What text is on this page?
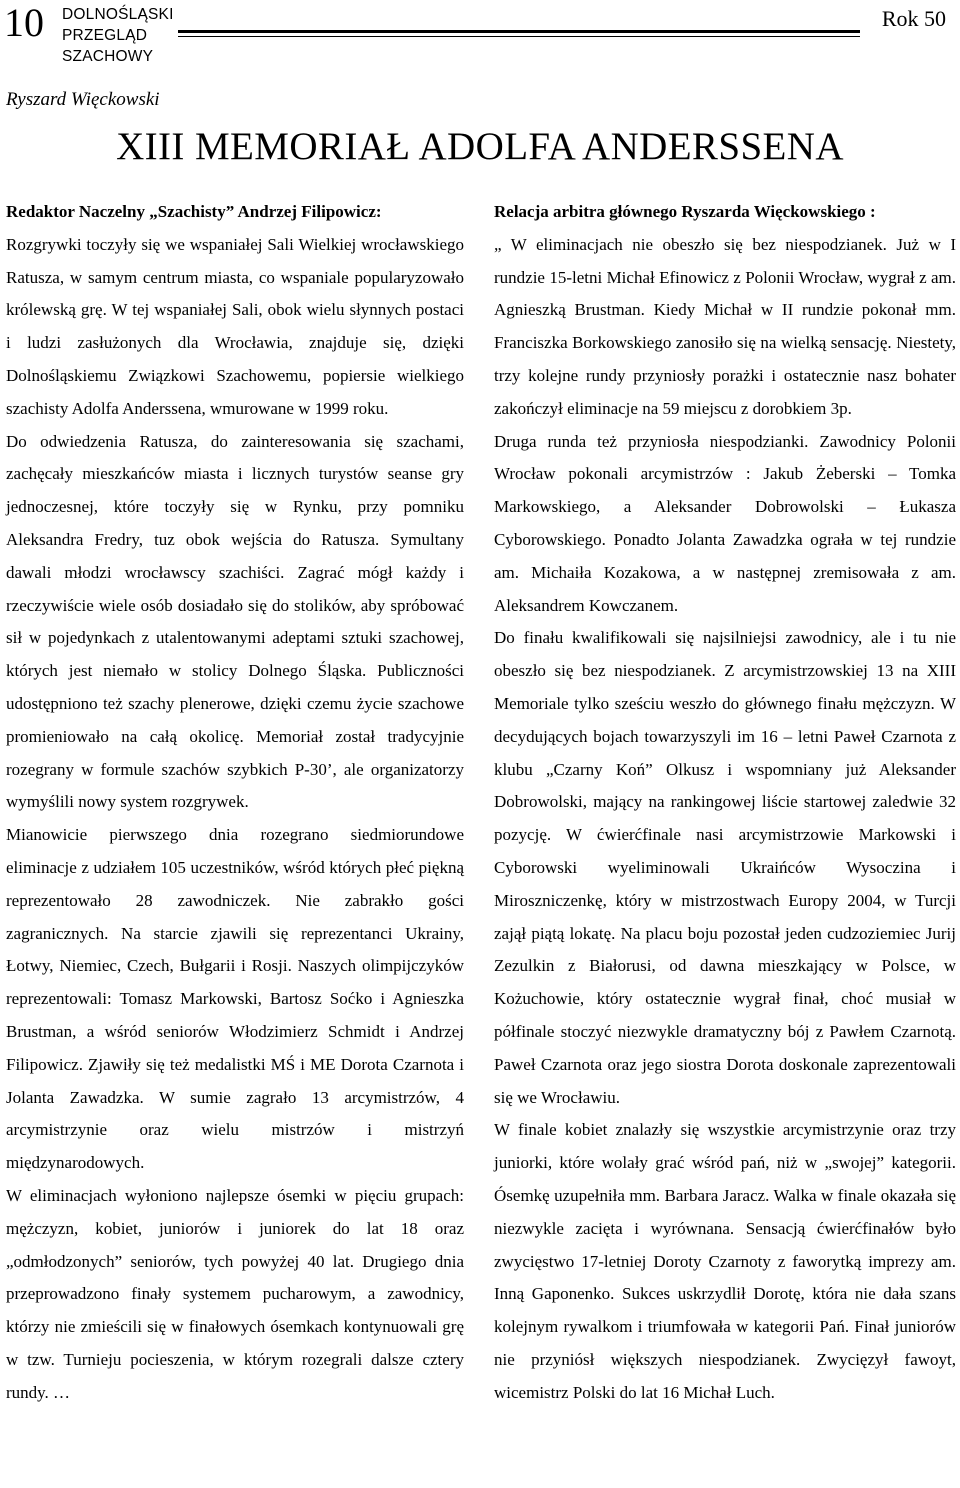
10 DOLNOŚLĄSKI
PRZEGLĄD
SZACHOWY
Rok 50
Ryszard Więckowski
XIII MEMORIAŁ ADOLFA ANDERSSENA

Redaktor Naczelny „Szachisty” Andrzej Filipowicz:

Rozgrywki toczyły się we wspaniałej Sali Wielkiej wrocławskiego Ratusza, w samym centrum miasta, co wspaniale popularyzowało królewską grę. W tej wspaniałej Sali, obok wielu słynnych postaci i ludzi zasłużonych dla Wrocławia, znajduje się, dzięki Dolnośląskiemu Związkowi Szachowemu, popiersie wielkiego szachisty Adolfa Anderssena, wmurowane w 1999 roku.

Do odwiedzenia Ratusza, do zainteresowania się szachami, zachęcały mieszkańców miasta i licznych turystów seanse gry jednoczesnej, które toczyły się w Rynku, przy pomniku Aleksandra Fredry, tuz obok wejścia do Ratusza. Symultany dawali młodzi wrocławscy szachiści. Zagrać mógł każdy i rzeczywiście wiele osób dosiadało się do stolików, aby spróbować sił w pojedynkach z utalentowanymi adeptami sztuki szachowej, których jest niemało w stolicy Dolnego Śląska. Publiczności udostępniono też szachy plenerowe, dzięki czemu życie szachowe promieniowało na całą okolicę. Memoriał został tradycyjnie rozegrany w formule szachów szybkich P-30’, ale organizatorzy wymyślili nowy system rozgrywek.

Mianowicie pierwszego dnia rozegrano siedmiorundowe eliminacje z udziałem 105 uczestników, wśród których płeć piękną reprezentowało 28 zawodniczek. Nie zabrakło gości zagranicznych. Na starcie zjawili się reprezentanci Ukrainy, Łotwy, Niemiec, Czech, Bułgarii i Rosji. Naszych olimpijczyków reprezentowali: Tomasz Markowski, Bartosz Soćko i Agnieszka Brustman, a wśród seniorów Włodzimierz Schmidt i Andrzej Filipowicz. Zjawiły się też medalistki MŚ i ME Dorota Czarnota i Jolanta Zawadzka. W sumie zagrało 13 arcymistrzów, 4 arcymistrzynie oraz wielu mistrzów i mistrzyń międzynarodowych.

W eliminacjach wyłoniono najlepsze ósemki w pięciu grupach: mężczyzn, kobiet, juniorów i juniorek do lat 18 oraz „odmłodzonych” seniorów, tych powyżej 40 lat. Drugiego dnia przeprowadzono finały systemem pucharowym, a zawodnicy, którzy nie zmieścili się w finałowych ósemkach kontynuowali grę w tzw. Turnieju pocieszenia, w którym rozegrali dalsze cztery rundy. …

Relacja arbitra głównego Ryszarda Więckowskiego :

„ W eliminacjach nie obeszło się bez niespodzianek. Już w I rundzie 15-letni Michał Efinowicz z Polonii Wrocław, wygrał z am. Agnieszką Brustman. Kiedy Michał w II rundzie pokonał mm. Franciszka Borkowskiego zanosiło się na wielką sensację. Niestety, trzy kolejne rundy przyniosły porażki i ostatecznie nasz bohater zakończył eliminacje na 59 miejscu z dorobkiem 3p.

Druga runda też przyniosła niespodzianki. Zawodnicy Polonii Wrocław pokonali arcymistrzów : Jakub Żeberski – Tomka Markowskiego, a Aleksander Dobrowolski – Łukasza Cyborowskiego. Ponadto Jolanta Zawadzka ograła w tej rundzie am. Michaiła Kozakowa, a w następnej zremisowała z am. Aleksandrem Kowczanem.

Do finału kwalifikowali się najsilniejsi zawodnicy, ale i tu nie obeszło się bez niespodzianek. Z arcymistrzowskiej 13 na XIII Memoriale tylko sześciu weszło do głównego finału mężczyzn. W decydujących bojach towarzyszyli im 16 – letni Paweł Czarnota z klubu „Czarny Koń” Olkusz i wspomniany już Aleksander Dobrowolski, mający na rankingowej liście startowej zaledwie 32 pozycję. W ćwierćfinale nasi arcymistrzowie Markowski i Cyborowski wyeliminowali Ukraińców Wysoczina i Miroszniczenkę, który w mistrzostwach Europy 2004, w Turcji zajął piątą lokatę. Na placu boju pozostał jeden cudzoziemiec Jurij Zezulkin z Białorusi, od dawna mieszkający w Polsce, w Kożuchowie, który ostatecznie wygrał finał, choć musiał w półfinale stoczyć niezwykle dramatyczny bój z Pawłem Czarnotą. Paweł Czarnota oraz jego siostra Dorota doskonale zaprezentowali się we Wrocławiu.

W finale kobiet znalazły się wszystkie arcymistrzynie oraz trzy juniorki, które wolały grać wśród pań, niż w „swojej” kategorii. Ósemkę uzupełniła mm. Barbara Jaracz. Walka w finale okazała się niezwykle zacięta i wyrównana. Sensacją ćwierćfinałów było zwycięstwo 17-letniej Doroty Czarnoty z faworytką imprezy am. Inną Gaponenko. Sukces uskrzydlił Dorotę, która nie dała szans kolejnym rywalkom i triumfowała w kategorii Pań. Finał juniorów nie przyniósł większych niespodzianek. Zwycięzył fawoyt, wicemistrz Polski do lat 16 Michał Luch.
